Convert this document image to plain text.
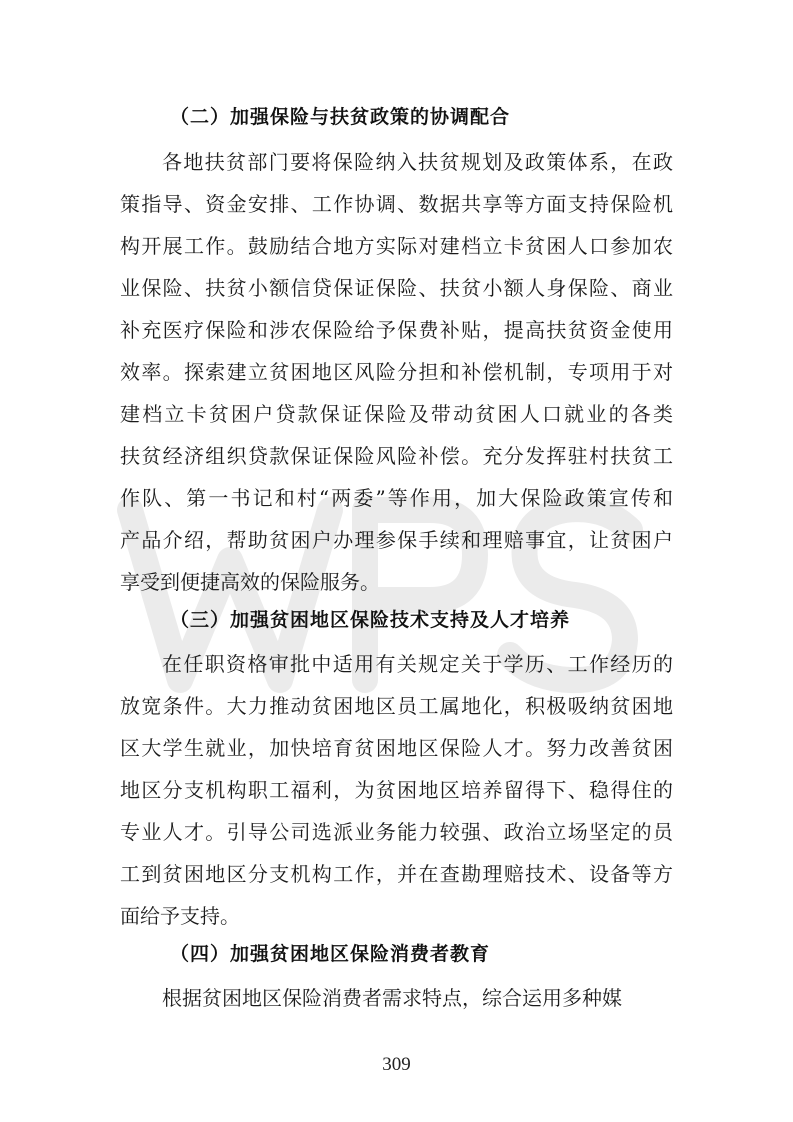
（二）加强保险与扶贫政策的协调配合
各地扶贫部门要将保险纳入扶贫规划及政策体系，在政
策指导、资金安排、工作协调、数据共享等方面支持保险机
构开展工作。鼓励结合地方实际对建档立卡贫困人口参加农
业保险、扶贫小额信贷保证保险、扶贫小额人身保险、商业
补充医疗保险和涉农保险给予保费补贴，提高扶贫资金使用
效率。探索建立贫困地区风险分担和补偿机制，专项用于对
建档立卡贫困户贷款保证保险及带动贫困人口就业的各类
扶贫经济组织贷款保证保险风险补偿。充分发挥驻村扶贫工
作队、第一书记和村“两委”等作用，加大保险政策宣传和
产品介绍，帮助贫困户办理参保手续和理赔事宜，让贫困户
享受到便捷高效的保险服务。
（三）加强贫困地区保险技术支持及人才培养
在任职资格审批中适用有关规定关于学历、工作经历的
放宽条件。大力推动贫困地区员工属地化，积极吸纳贫困地
区大学生就业，加快培育贫困地区保险人才。努力改善贫困
地区分支机构职工福利，为贫困地区培养留得下、稳得住的
专业人才。引导公司选派业务能力较强、政治立场坚定的员
工到贫困地区分支机构工作，并在查勘理赔技术、设备等方
面给予支持。
（四）加强贫困地区保险消费者教育
根据贫困地区保险消费者需求特点，综合运用多种媒
309
